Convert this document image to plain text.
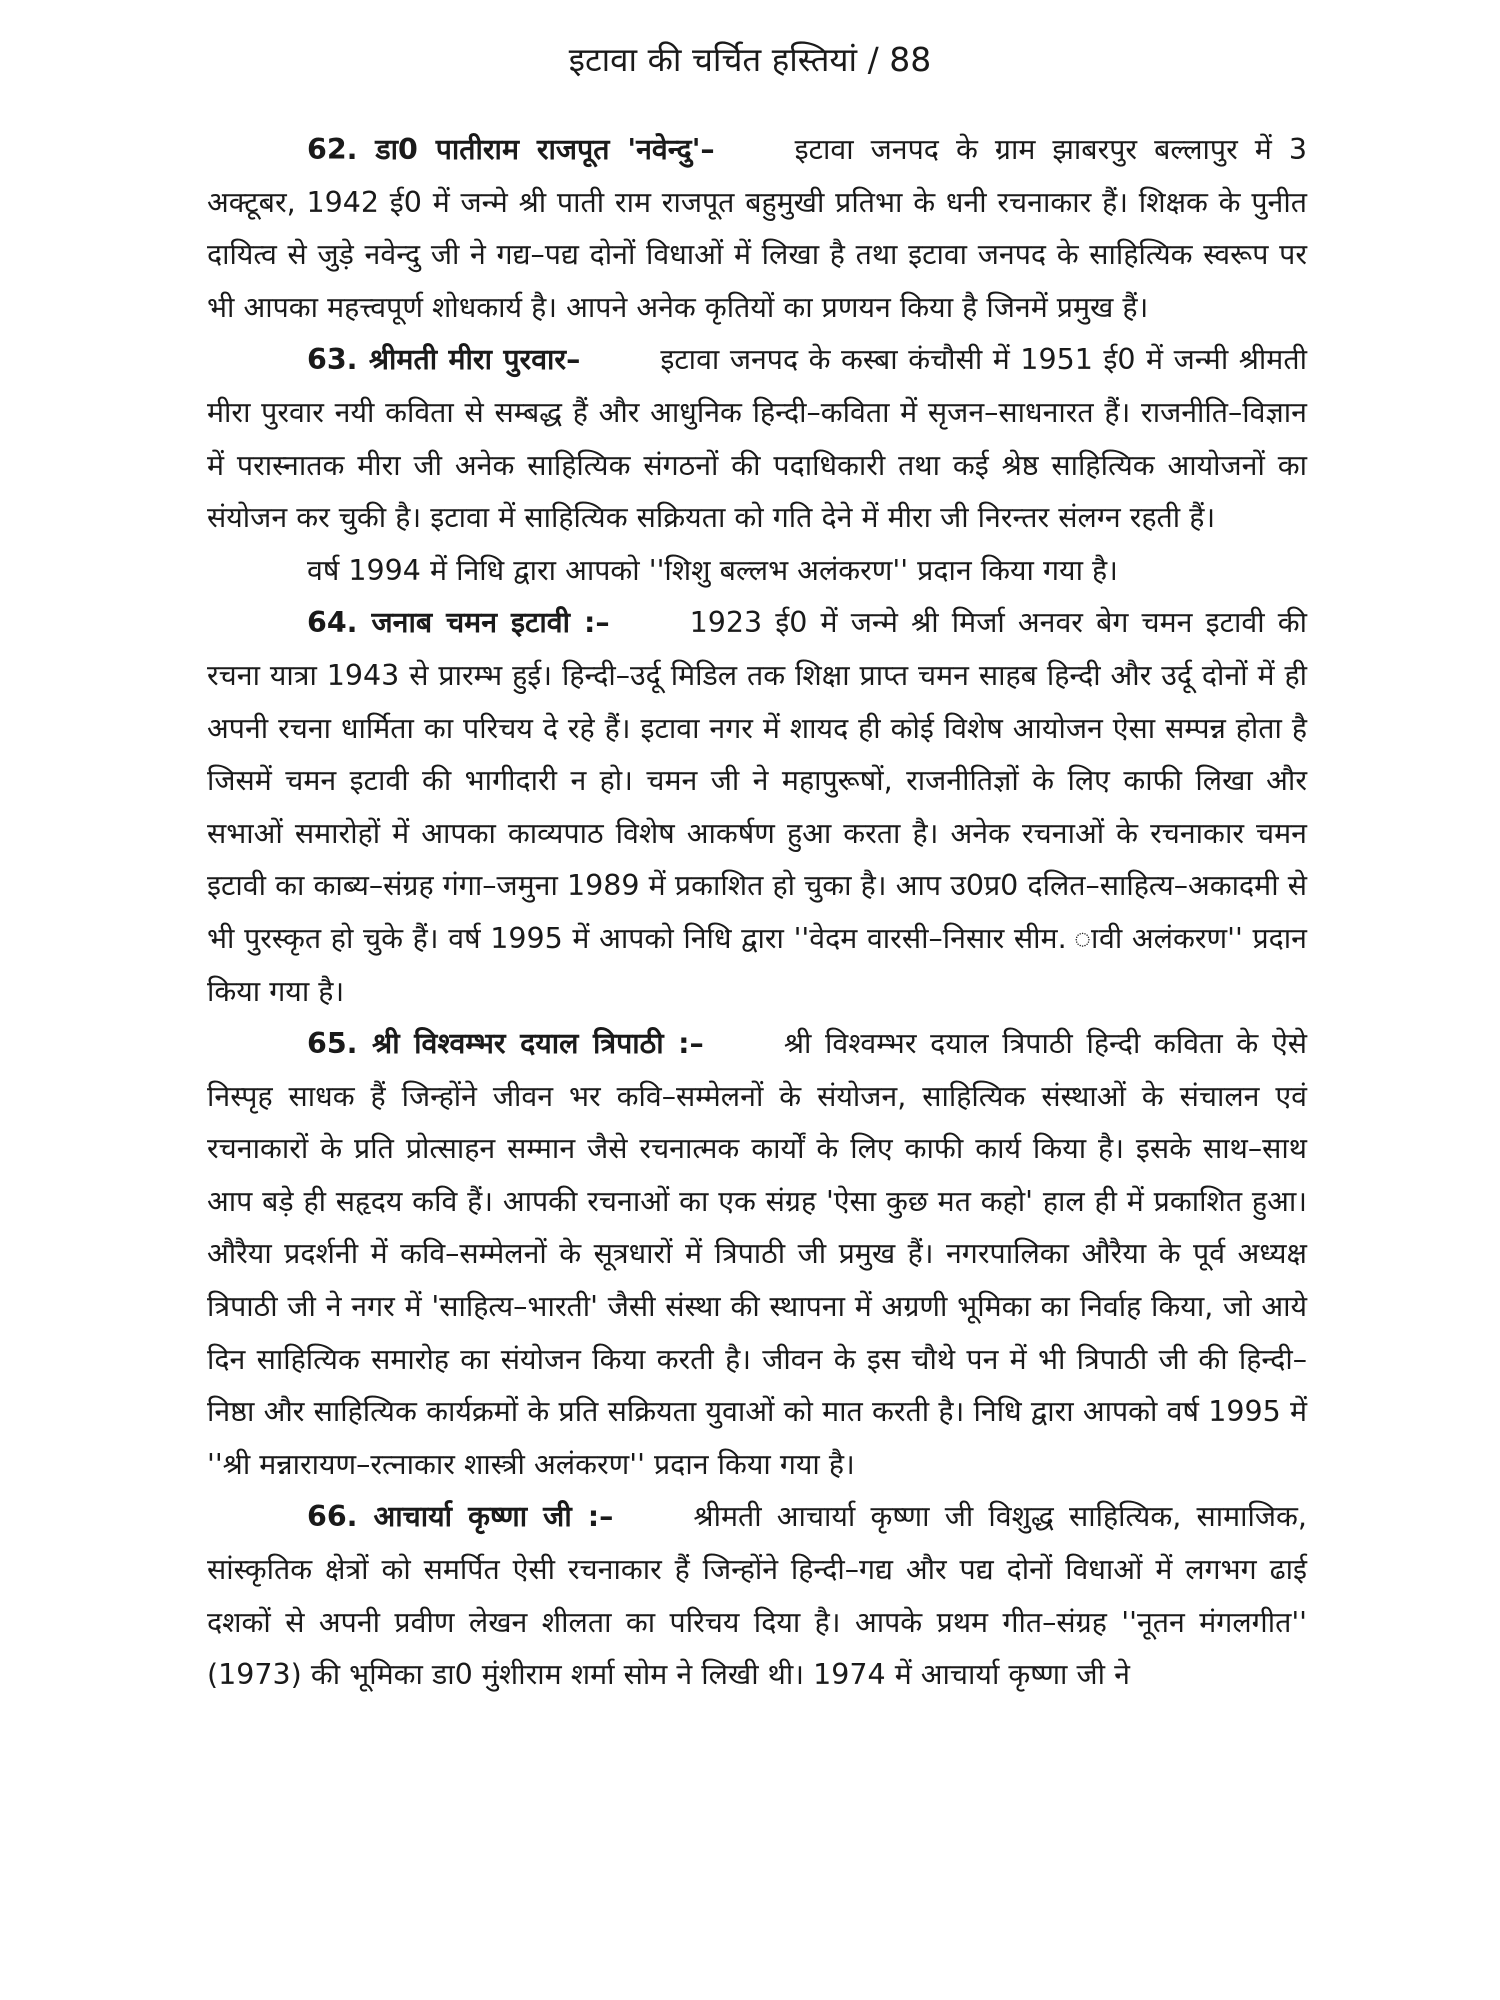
इटावा की चर्चित हस्तियां / 88

62. डा0 पातीराम राजपूत 'नवेन्दु'–	इटावा जनपद के ग्राम झाबरपुर बल्लापुर में 3 अक्टूबर, 1942 ई0 में जन्मे श्री पाती राम राजपूत बहुमुखी प्रतिभा के धनी रचनाकार हैं। शिक्षक के पुनीत दायित्व से जुड़े नवेन्दु जी ने गद्य–पद्य दोनों विधाओं में लिखा है तथा इटावा जनपद के साहित्यिक स्वरूप पर भी आपका महत्त्वपूर्ण शोधकार्य है। आपने अनेक कृतियों का प्रणयन किया है जिनमें प्रमुख हैं।

63. श्रीमती मीरा पुरवार–	इटावा जनपद के कस्बा कंचौसी में 1951 ई0 में जन्मी श्रीमती मीरा पुरवार नयी कविता से सम्बद्ध हैं और आधुनिक हिन्दी–कविता में सृजन–साधनारत हैं। राजनीति–विज्ञान में परास्नातक मीरा जी अनेक साहित्यिक संगठनों की पदाधिकारी तथा कई श्रेष्ठ साहित्यिक आयोजनों का संयोजन कर चुकी है। इटावा में साहित्यिक सक्रियता को गति देने में मीरा जी निरन्तर संलग्न रहती हैं।

वर्ष 1994 में निधि द्वारा आपको ''शिशु बल्लभ अलंकरण'' प्रदान किया गया है।

64. जनाब चमन इटावी :–	1923 ई0 में जन्मे श्री मिर्जा अनवर बेग चमन इटावी की रचना यात्रा 1943 से प्रारम्भ हुई। हिन्दी–उर्दू मिडिल तक शिक्षा प्राप्त चमन साहब हिन्दी और उर्दू दोनों में ही अपनी रचना धार्मिता का परिचय दे रहे हैं। इटावा नगर में शायद ही कोई विशेष आयोजन ऐसा सम्पन्न होता है जिसमें चमन इटावी की भागीदारी न हो। चमन जी ने महापुरूषों, राजनीतिज्ञों के लिए काफी लिखा और सभाओं समारोहों में आपका काव्यपाठ विशेष आकर्षण हुआ करता है। अनेक रचनाओं के रचनाकार चमन इटावी का काब्य–संग्रह गंगा–जमुना 1989 में प्रकाशित हो चुका है। आप उ0प्र0 दलित–साहित्य–अकादमी से भी पुरस्कृत हो चुके हैं। वर्ष 1995 में आपको निधि द्वारा ''वेदम वारसी–निसार सीम. ावी अलंकरण'' प्रदान किया गया है।

65. श्री विश्वम्भर दयाल त्रिपाठी :–	श्री विश्वम्भर दयाल त्रिपाठी हिन्दी कविता के ऐसे निस्पृह साधक हैं जिन्होंने जीवन भर कवि–सम्मेलनों के संयोजन, साहित्यिक संस्थाओं के संचालन एवं रचनाकारों के प्रति प्रोत्साहन सम्मान जैसे रचनात्मक कार्यों के लिए काफी कार्य किया है। इसके साथ–साथ आप बड़े ही सहृदय कवि हैं। आपकी रचनाओं का एक संग्रह 'ऐसा कुछ मत कहो' हाल ही में प्रकाशित हुआ। औरैया प्रदर्शनी में कवि–सम्मेलनों के सूत्रधारों में त्रिपाठी जी प्रमुख हैं। नगरपालिका औरैया के पूर्व अध्यक्ष त्रिपाठी जी ने नगर में 'साहित्य–भारती' जैसी संस्था की स्थापना में अग्रणी भूमिका का निर्वाह किया, जो आये दिन साहित्यिक समारोह का संयोजन किया करती है। जीवन के इस चौथे पन में भी त्रिपाठी जी की हिन्दी–निष्ठा और साहित्यिक कार्यक्रमों के प्रति सक्रियता युवाओं को मात करती है। निधि द्वारा आपको वर्ष 1995 में ''श्री मन्नारायण–रत्नाकार शास्त्री अलंकरण'' प्रदान किया गया है।

66. आचार्या कृष्णा जी :–	श्रीमती आचार्या कृष्णा जी विशुद्ध साहित्यिक, सामाजिक, सांस्कृतिक क्षेत्रों को समर्पित ऐसी रचनाकार हैं जिन्होंने हिन्दी–गद्य और पद्य दोनों विधाओं में लगभग ढाई दशकों से अपनी प्रवीण लेखन शीलता का परिचय दिया है। आपके प्रथम गीत–संग्रह ''नूतन मंगलगीत'' (1973) की भूमिका डा0 मुंशीराम शर्मा सोम ने लिखी थी। 1974 में आचार्या कृष्णा जी ने
